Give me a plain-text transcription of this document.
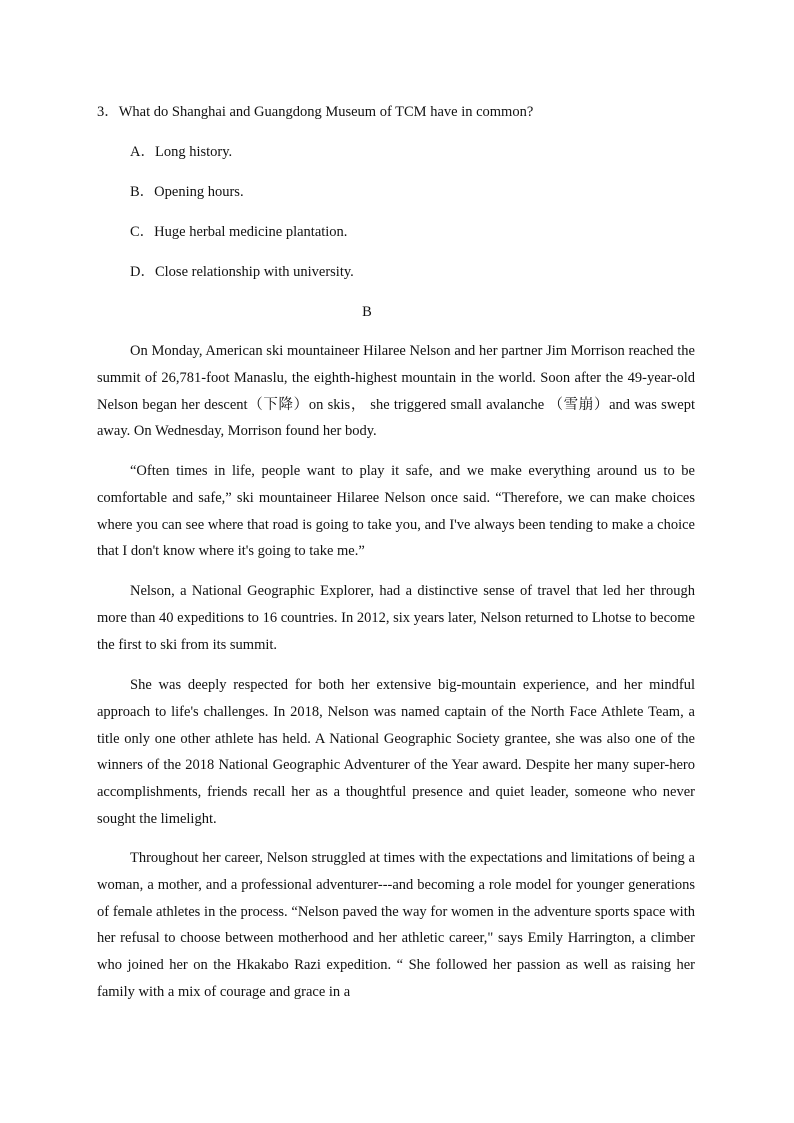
3．What do Shanghai and Guangdong Museum of TCM have in common?
A．Long history.
B．Opening hours.
C．Huge herbal medicine plantation.
D．Close relationship with university.
B

On Monday, American ski mountaineer Hilaree Nelson and her partner Jim Morrison reached the summit of 26,781-foot Manaslu, the eighth-highest mountain in the world. Soon after the 49-year-old Nelson began her descent（下降）on skis， she triggered small avalanche （雪崩）and was swept away. On Wednesday, Morrison found her body.

“Often times in life, people want to play it safe, and we make everything around us to be comfortable and safe,” ski mountaineer Hilaree Nelson once said. “Therefore, we can make choices where you can see where that road is going to take you, and I've always been tending to make a choice that I don't know where it's going to take me.”

Nelson, a National Geographic Explorer, had a distinctive sense of travel that led her through more than 40 expeditions to 16 countries. In 2012, six years later, Nelson returned to Lhotse to become the first to ski from its summit.

She was deeply respected for both her extensive big-mountain experience, and her mindful approach to life's challenges. In 2018, Nelson was named captain of the North Face Athlete Team, a title only one other athlete has held. A National Geographic Society grantee, she was also one of the winners of the 2018 National Geographic Adventurer of the Year award. Despite her many super-hero accomplishments, friends recall her as a thoughtful presence and quiet leader, someone who never sought the limelight.

Throughout her career, Nelson struggled at times with the expectations and limitations of being a woman, a mother, and a professional adventurer---and becoming a role model for younger generations of female athletes in the process. “Nelson paved the way for women in the adventure sports space with her refusal to choose between motherhood and her athletic career," says Emily Harrington, a climber who joined her on the Hkakabo Razi expedition. “ She followed her passion as well as raising her family with a mix of courage and grace in a
